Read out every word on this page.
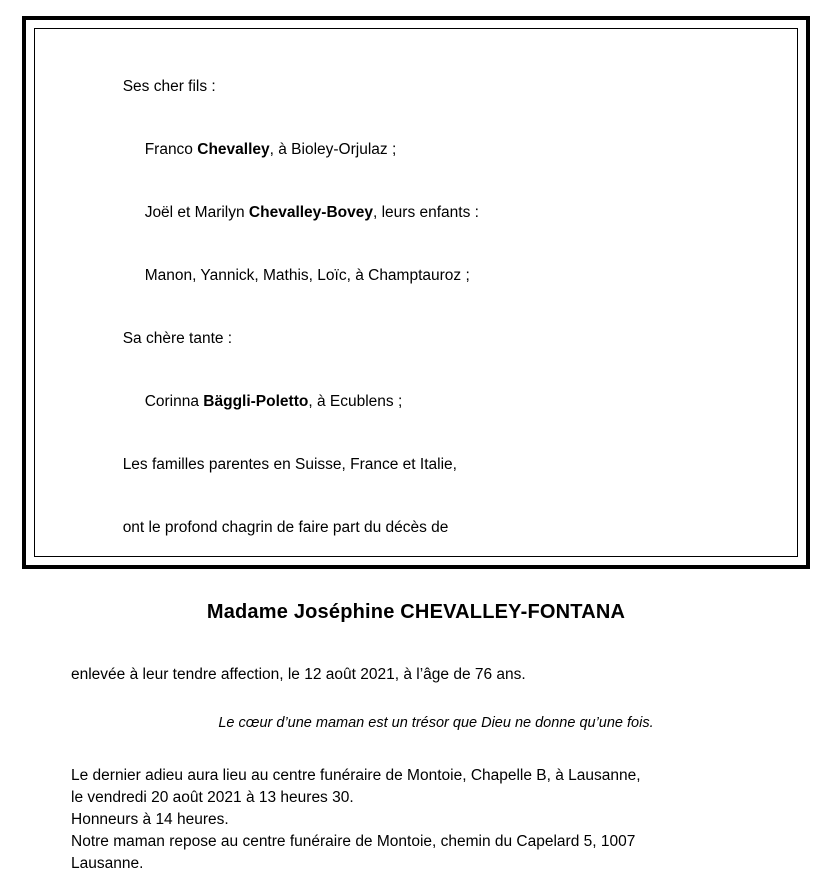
Ses cher fils :

Franco Chevalley, à Bioley-Orjulaz ;

Joël et Marilyn Chevalley-Bovey, leurs enfants :

Manon, Yannick, Mathis, Loïc, à Champtauroz ;

Sa chère tante :

Corinna Bäggli-Poletto, à Ecublens ;

Les familles parentes en Suisse, France et Italie,

ont le profond chagrin de faire part du décès de

Madame Joséphine CHEVALLEY-FONTANA
enlevée à leur tendre affection, le 12 août 2021, à l’âge de 76 ans.
Le cœur d’une maman est un trésor que Dieu ne donne qu’une fois.
Le dernier adieu aura lieu au centre funéraire de Montoie, Chapelle B, à Lausanne,
le vendredi 20 août 2021 à 13 heures 30.
Honneurs à 14 heures.
Notre maman repose au centre funéraire de Montoie, chemin du Capelard 5, 1007
Lausanne.
